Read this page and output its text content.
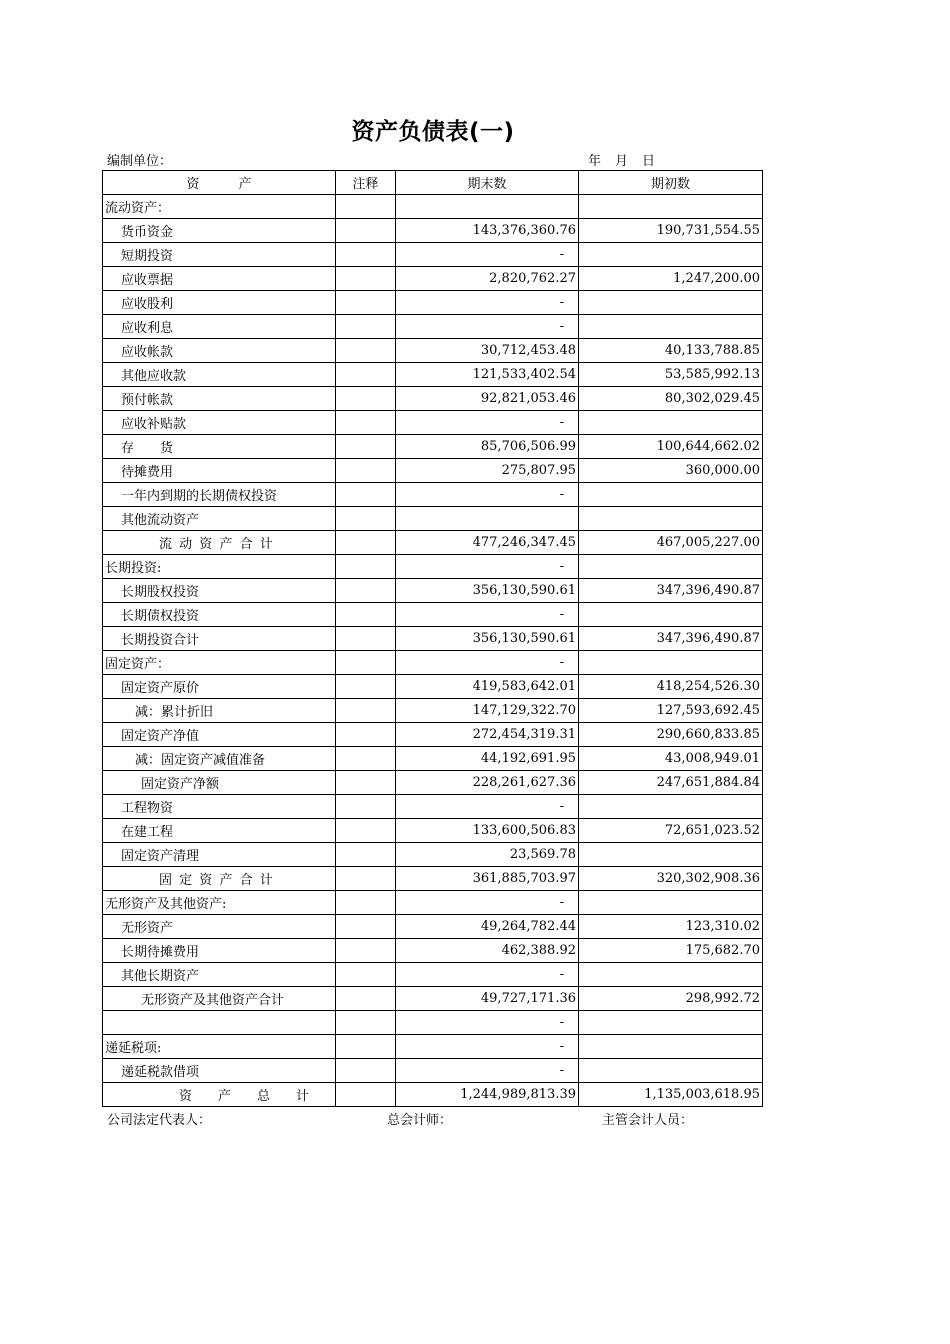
资产负债表(一)
编制单位：	年 月 日
资　　　产	注释	期末数	期初数
流动资产：			
货币资金		143,376,360.76	190,731,554.55
短期投资		-	
应收票据		2,820,762.27	1,247,200.00
应收股利		-	
应收利息		-	
应收帐款		30,712,453.48	40,133,788.85
其他应收款		121,533,402.54	53,585,992.13
预付帐款		92,821,053.46	80,302,029.45
应收补贴款		-	
存　　货		85,706,506.99	100,644,662.02
待摊费用		275,807.95	360,000.00
一年内到期的长期债权投资		-	
其他流动资产			
流动资产合计		477,246,347.45	467,005,227.00
长期投资:		-	
长期股权投资		356,130,590.61	347,396,490.87
长期债权投资		-	
长期投资合计		356,130,590.61	347,396,490.87
固定资产：		-	
固定资产原价		419,583,642.01	418,254,526.30
减：累计折旧		147,129,322.70	127,593,692.45
固定资产净值		272,454,319.31	290,660,833.85
减：固定资产减值准备		44,192,691.95	43,008,949.01
固定资产净额		228,261,627.36	247,651,884.84
工程物资		-	
在建工程		133,600,506.83	72,651,023.52
固定资产清理		23,569.78	
固定资产合计		361,885,703.97	320,302,908.36
无形资产及其他资产:		-	
无形资产		49,264,782.44	123,310.02
长期待摊费用		462,388.92	175,682.70
其他长期资产		-	
无形资产及其他资产合计		49,727,171.36	298,992.72
		-	
递延税项:		-	
递延税款借项		-	
资　　产　　总　　计		1,244,989,813.39	1,135,003,618.95
公司法定代表人：	总会计师：	主管会计人员：
